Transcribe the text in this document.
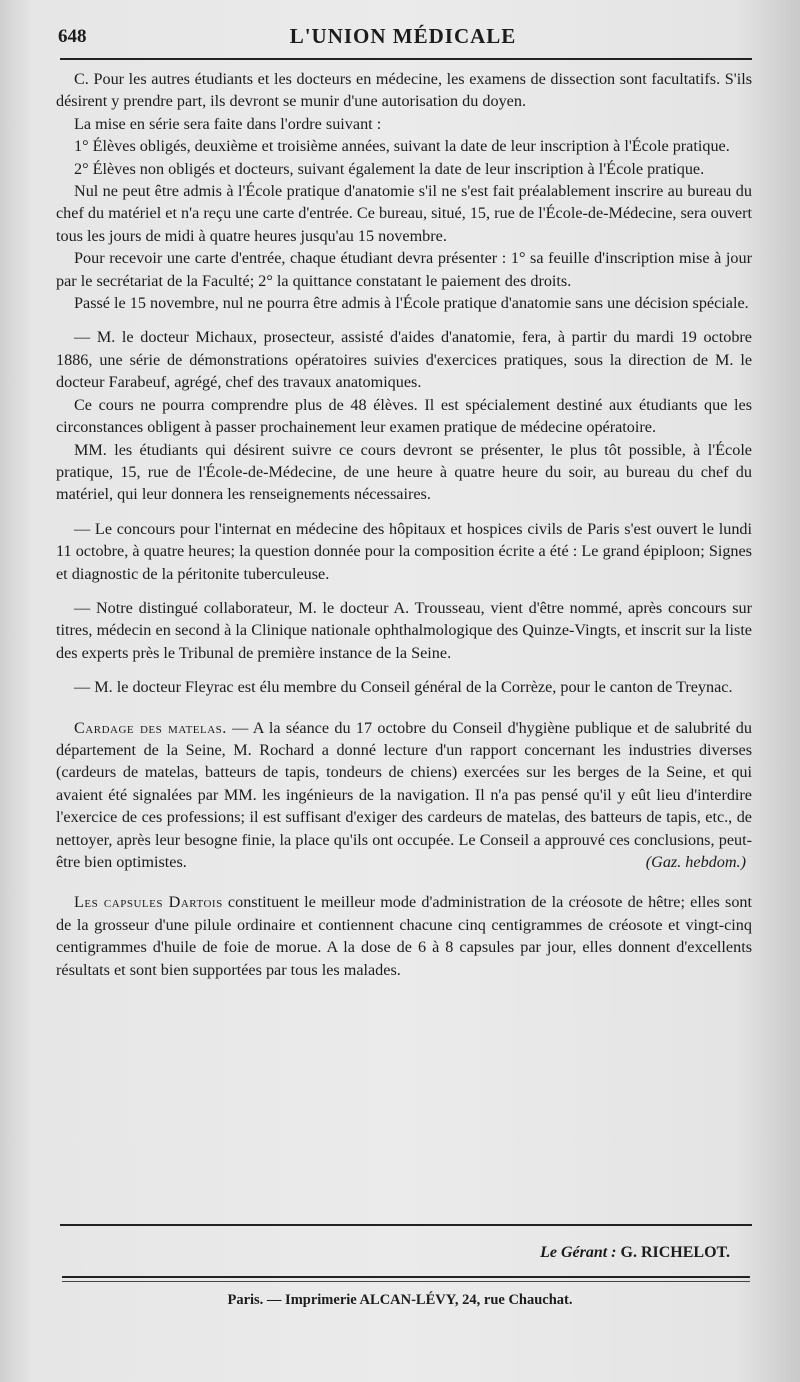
648	L'UNION MÉDICALE

C. Pour les autres étudiants et les docteurs en médecine, les examens de dissection sont facultatifs. S'ils désirent y prendre part, ils devront se munir d'une autorisation du doyen.

La mise en série sera faite dans l'ordre suivant :

1° Élèves obligés, deuxième et troisième années, suivant la date de leur inscription à l'École pratique.

2° Élèves non obligés et docteurs, suivant également la date de leur inscription à l'École pratique.

Nul ne peut être admis à l'École pratique d'anatomie s'il ne s'est fait préalablement inscrire au bureau du chef du matériel et n'a reçu une carte d'entrée. Ce bureau, situé, 15, rue de l'École-de-Médecine, sera ouvert tous les jours de midi à quatre heures jusqu'au 15 novembre.

Pour recevoir une carte d'entrée, chaque étudiant devra présenter : 1° sa feuille d'inscription mise à jour par le secrétariat de la Faculté; 2° la quittance constatant le paiement des droits.

Passé le 15 novembre, nul ne pourra être admis à l'École pratique d'anatomie sans une décision spéciale.

— M. le docteur Michaux, prosecteur, assisté d'aides d'anatomie, fera, à partir du mardi 19 octobre 1886, une série de démonstrations opératoires suivies d'exercices pratiques, sous la direction de M. le docteur Farabeuf, agrégé, chef des travaux anatomiques.

Ce cours ne pourra comprendre plus de 48 élèves. Il est spécialement destiné aux étudiants que les circonstances obligent à passer prochainement leur examen pratique de médecine opératoire.

MM. les étudiants qui désirent suivre ce cours devront se présenter, le plus tôt possible, à l'École pratique, 15, rue de l'École-de-Médecine, de une heure à quatre heure du soir, au bureau du chef du matériel, qui leur donnera les renseignements nécessaires.

— Le concours pour l'internat en médecine des hôpitaux et hospices civils de Paris s'est ouvert le lundi 11 octobre, à quatre heures; la question donnée pour la composition écrite a été : Le grand épiploon; Signes et diagnostic de la péritonite tuberculeuse.

— Notre distingué collaborateur, M. le docteur A. Trousseau, vient d'être nommé, après concours sur titres, médecin en second à la Clinique nationale ophthalmologique des Quinze-Vingts, et inscrit sur la liste des experts près le Tribunal de première instance de la Seine.

— M. le docteur Fleyrac est élu membre du Conseil général de la Corrèze, pour le canton de Treynac.

Cardage des matelas. — A la séance du 17 octobre du Conseil d'hygiène publique et de salubrité du département de la Seine, M. Rochard a donné lecture d'un rapport concernant les industries diverses (cardeurs de matelas, batteurs de tapis, tondeurs de chiens) exercées sur les berges de la Seine, et qui avaient été signalées par MM. les ingénieurs de la navigation. Il n'a pas pensé qu'il y eût lieu d'interdire l'exercice de ces professions; il est suffisant d'exiger des cardeurs de matelas, des batteurs de tapis, etc., de nettoyer, après leur besogne finie, la place qu'ils ont occupée. Le Conseil a approuvé ces conclusions, peut-être bien optimistes.	(Gaz. hebdom.)

Les capsules Dartois constituent le meilleur mode d'administration de la créosote de hêtre; elles sont de la grosseur d'une pilule ordinaire et contiennent chacune cinq centigrammes de créosote et vingt-cinq centigrammes d'huile de foie de morue. A la dose de 6 à 8 capsules par jour, elles donnent d'excellents résultats et sont bien supportées par tous les malades.

Le Gérant : G. RICHELOT.
Paris. — Imprimerie ALCAN-LÉVY, 24, rue Chauchat.
